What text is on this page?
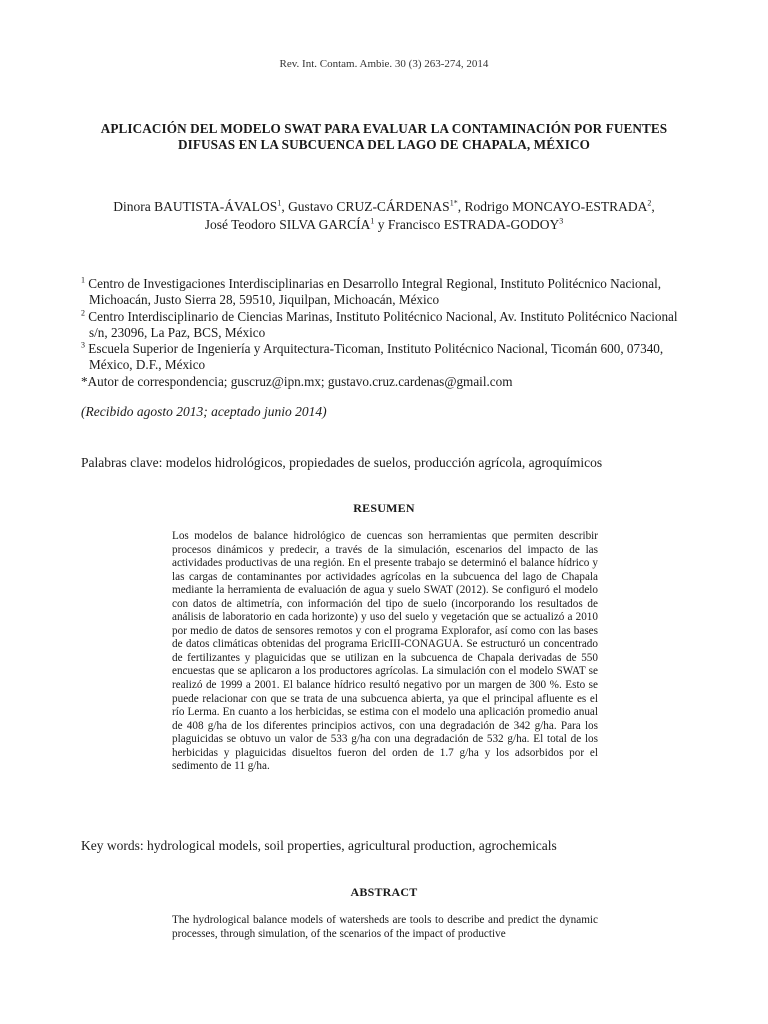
Rev. Int. Contam. Ambie. 30 (3) 263-274, 2014
APLICACIÓN DEL MODELO SWAT PARA EVALUAR LA CONTAMINACIÓN POR FUENTES
DIFUSAS EN LA SUBCUENCA DEL LAGO DE CHAPALA, MÉXICO
Dinora BAUTISTA-ÁVALOS$^1$, Gustavo CRUZ-$CÁRDENAS^{1*}$, Rodrigo MONCAYO-ESTRADA$^2$,
José Teodoro SILVA GARCÍA$^1$ y Francisco ESTRADA-GODOY$^3$

$^1$ Centro de Investigaciones Interdisciplinarias en Desarrollo Integral Regional, Instituto Politécnico Nacional,
Michoacán, Justo Sierra 28, 59510, Jiquilpan, Michoacán, México

$^2$ Centro Interdisciplinario de Ciencias Marinas, Instituto Politécnico Nacional, Av. Instituto Politécnico Nacional
s/n, 23096, La Paz, BCS, México

$^3$ Escuela Superior de Ingeniería y Arquitectura-Ticoman, Instituto Politécnico Nacional, Ticomán 600, 07340,
México, D.F., México

*Autor de correspondencia; guscruz@ipn.mx; gustavo.cruz.cardenas@gmail.com

(Recibido agosto 2013; aceptado junio 2014)
Palabras clave: modelos hidrológicos, propiedades de suelos, producción agrícola, agroquímicos
RESUMEN
Los modelos de balance hidrológico de cuencas son herramientas que permiten describir procesos dinámicos y predecir, a través de la simulación, escenarios del impacto de las actividades productivas de una región. En el presente trabajo se determinó el balance hídrico y las cargas de contaminantes por actividades agrícolas en la subcuenca del lago de Chapala mediante la herramienta de evaluación de agua y suelo SWAT (2012). Se configuró el modelo con datos de altimetría, con información del tipo de suelo (incorporando los resultados de análisis de laboratorio en cada horizonte) y uso del suelo y vegetación que se actualizó a 2010 por medio de datos de sensores remotos y con el programa Explorafor, así como con las bases de datos climáticas obtenidas del programa EricIII-CONAGUA. Se estructuró un concentrado de fertilizantes y plaguicidas que se utilizan en la subcuenca de Chapala derivadas de 550 encuestas que se aplicaron a los productores agrícolas. La simulación con el modelo SWAT se realizó de 1999 a 2001. El balance hídrico resultó negativo por un margen de 300 %. Esto se puede relacionar con que se trata de una subcuenca abierta, ya que el principal afluente es el río Lerma. En cuanto a los herbicidas, se estima con el modelo una aplicación promedio anual de 408 g/ha de los diferentes principios activos, con una degradación de 342 g/ha. Para los plaguicidas se obtuvo un valor de 533 g/ha con una degradación de 532 g/ha. El total de los herbicidas y plaguicidas disueltos fueron del orden de 1.7 g/ha y los adsorbidos por el sedimento de 11 g/ha.
Key words: hydrological models, soil properties, agricultural production, agrochemicals
ABSTRACT
The hydrological balance models of watersheds are tools to describe and predict the dynamic processes, through simulation, of the scenarios of the impact of productive
